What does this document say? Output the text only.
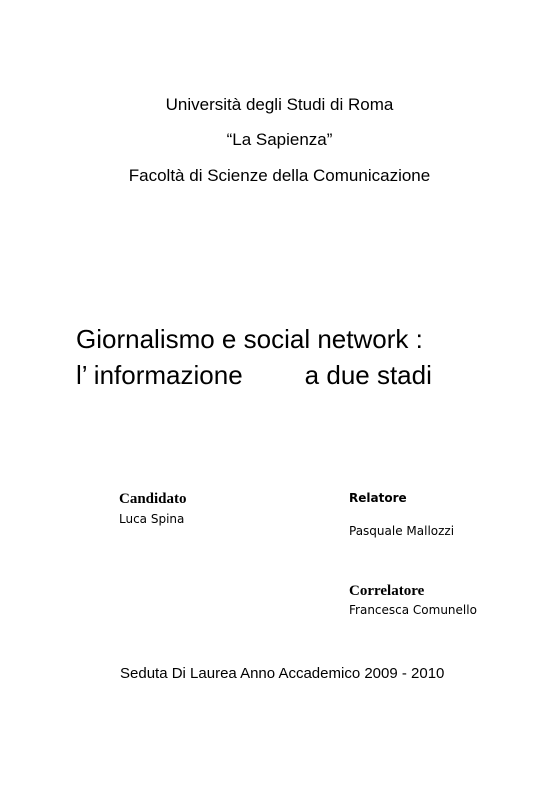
Università degli Studi di Roma
“La Sapienza”
Facoltà di Scienze della Comunicazione
Giornalismo e social network :
l’ informazione a due stadi
Candidato
Luca Spina
Relatore
Pasquale Mallozzi
Correlatore
Francesca Comunello
Seduta Di Laurea Anno Accademico 2009 - 2010
